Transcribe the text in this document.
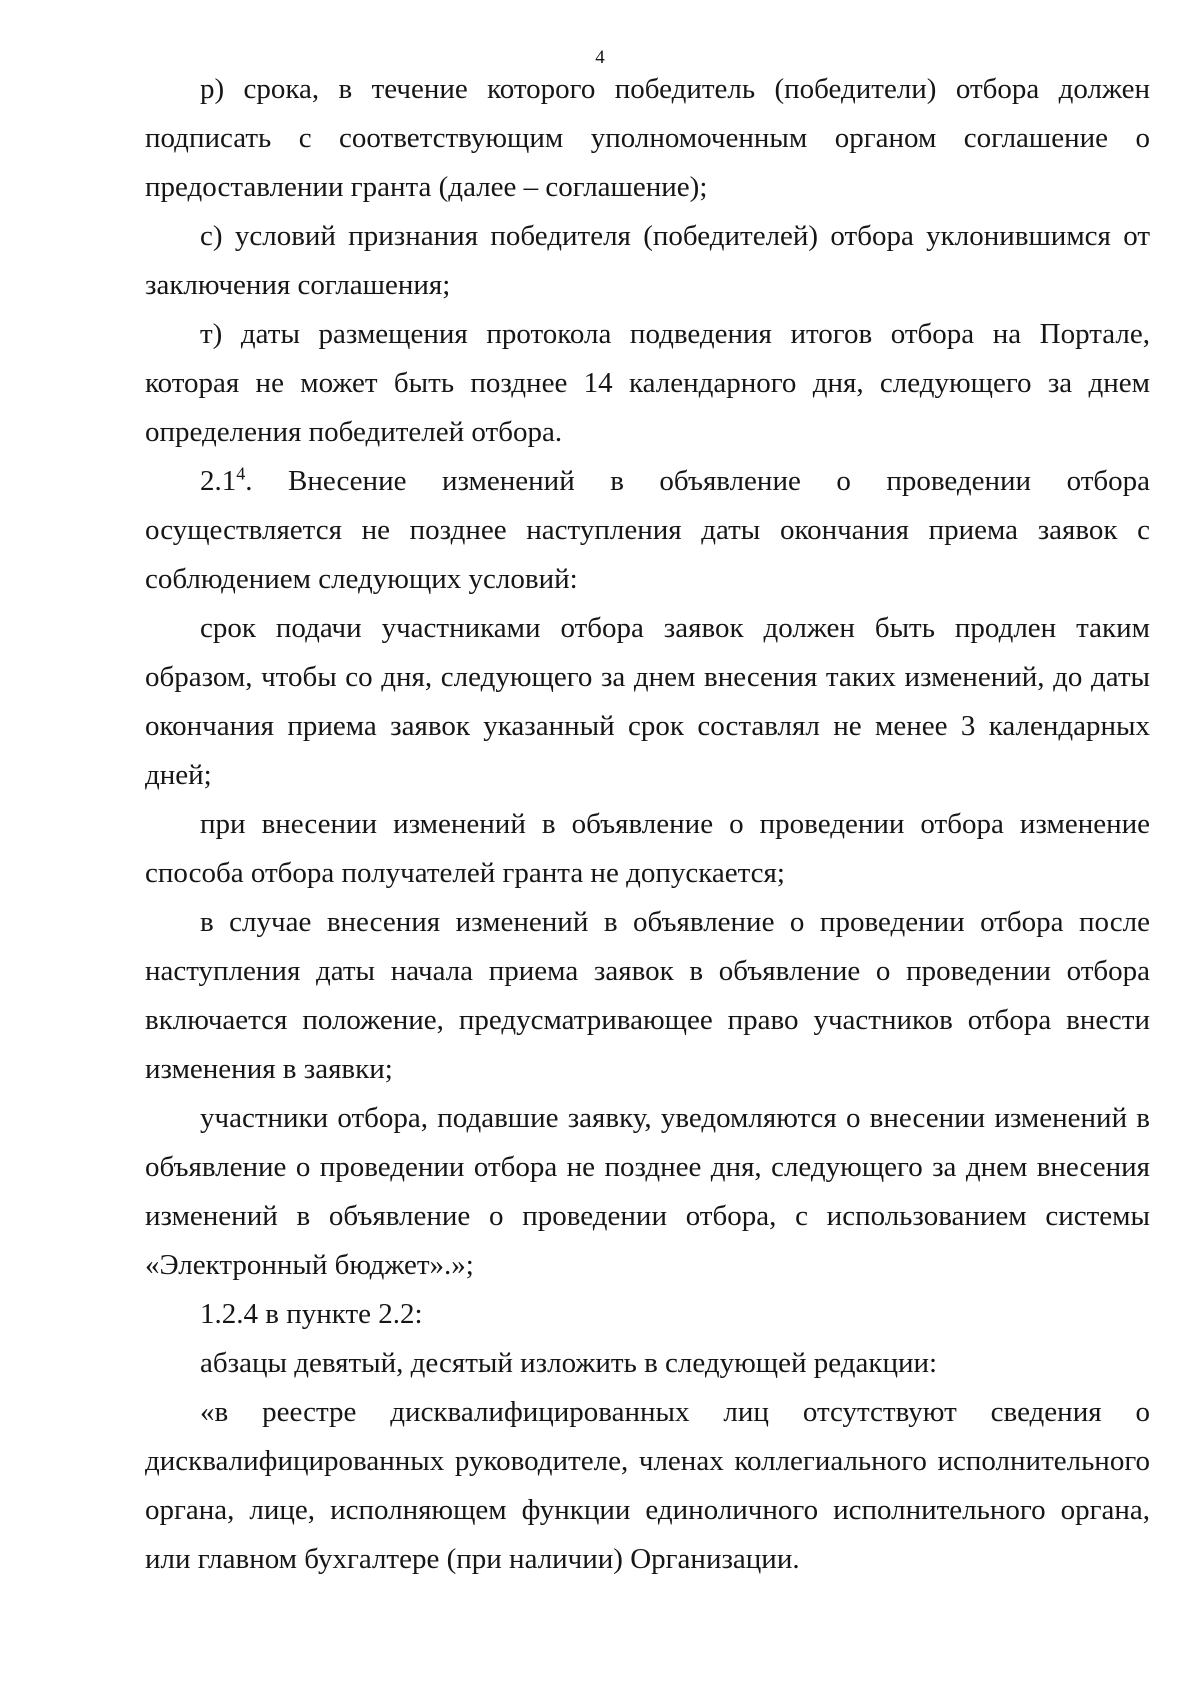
4

р) срока, в течение которого победитель (победители) отбора должен подписать с соответствующим уполномоченным органом соглашение о предоставлении гранта (далее – соглашение);

с) условий признания победителя (победителей) отбора уклонившимся от заключения соглашения;

т) даты размещения протокола подведения итогов отбора на Портале, которая не может быть позднее 14 календарного дня, следующего за днем определения победителей отбора.

$2.1^4$. Внесение изменений в объявление о проведении отбора осуществляется не позднее наступления даты окончания приема заявок с соблюдением следующих условий:

срок подачи участниками отбора заявок должен быть продлен таким образом, чтобы со дня, следующего за днем внесения таких изменений, до даты окончания приема заявок указанный срок составлял не менее 3 календарных дней;

при внесении изменений в объявление о проведении отбора изменение способа отбора получателей гранта не допускается;

в случае внесения изменений в объявление о проведении отбора после наступления даты начала приема заявок в объявление о проведении отбора включается положение, предусматривающее право участников отбора внести изменения в заявки;

участники отбора, подавшие заявку, уведомляются о внесении изменений в объявление о проведении отбора не позднее дня, следующего за днем внесения изменений в объявление о проведении отбора, с использованием системы «Электронный бюджет».»;

1.2.4 в пункте 2.2:

абзацы девятый, десятый изложить в следующей редакции:

«в реестре дисквалифицированных лиц отсутствуют сведения о дисквалифицированных руководителе, членах коллегиального исполнительного органа, лице, исполняющем функции единоличного исполнительного органа, или главном бухгалтере (при наличии) Организации.
